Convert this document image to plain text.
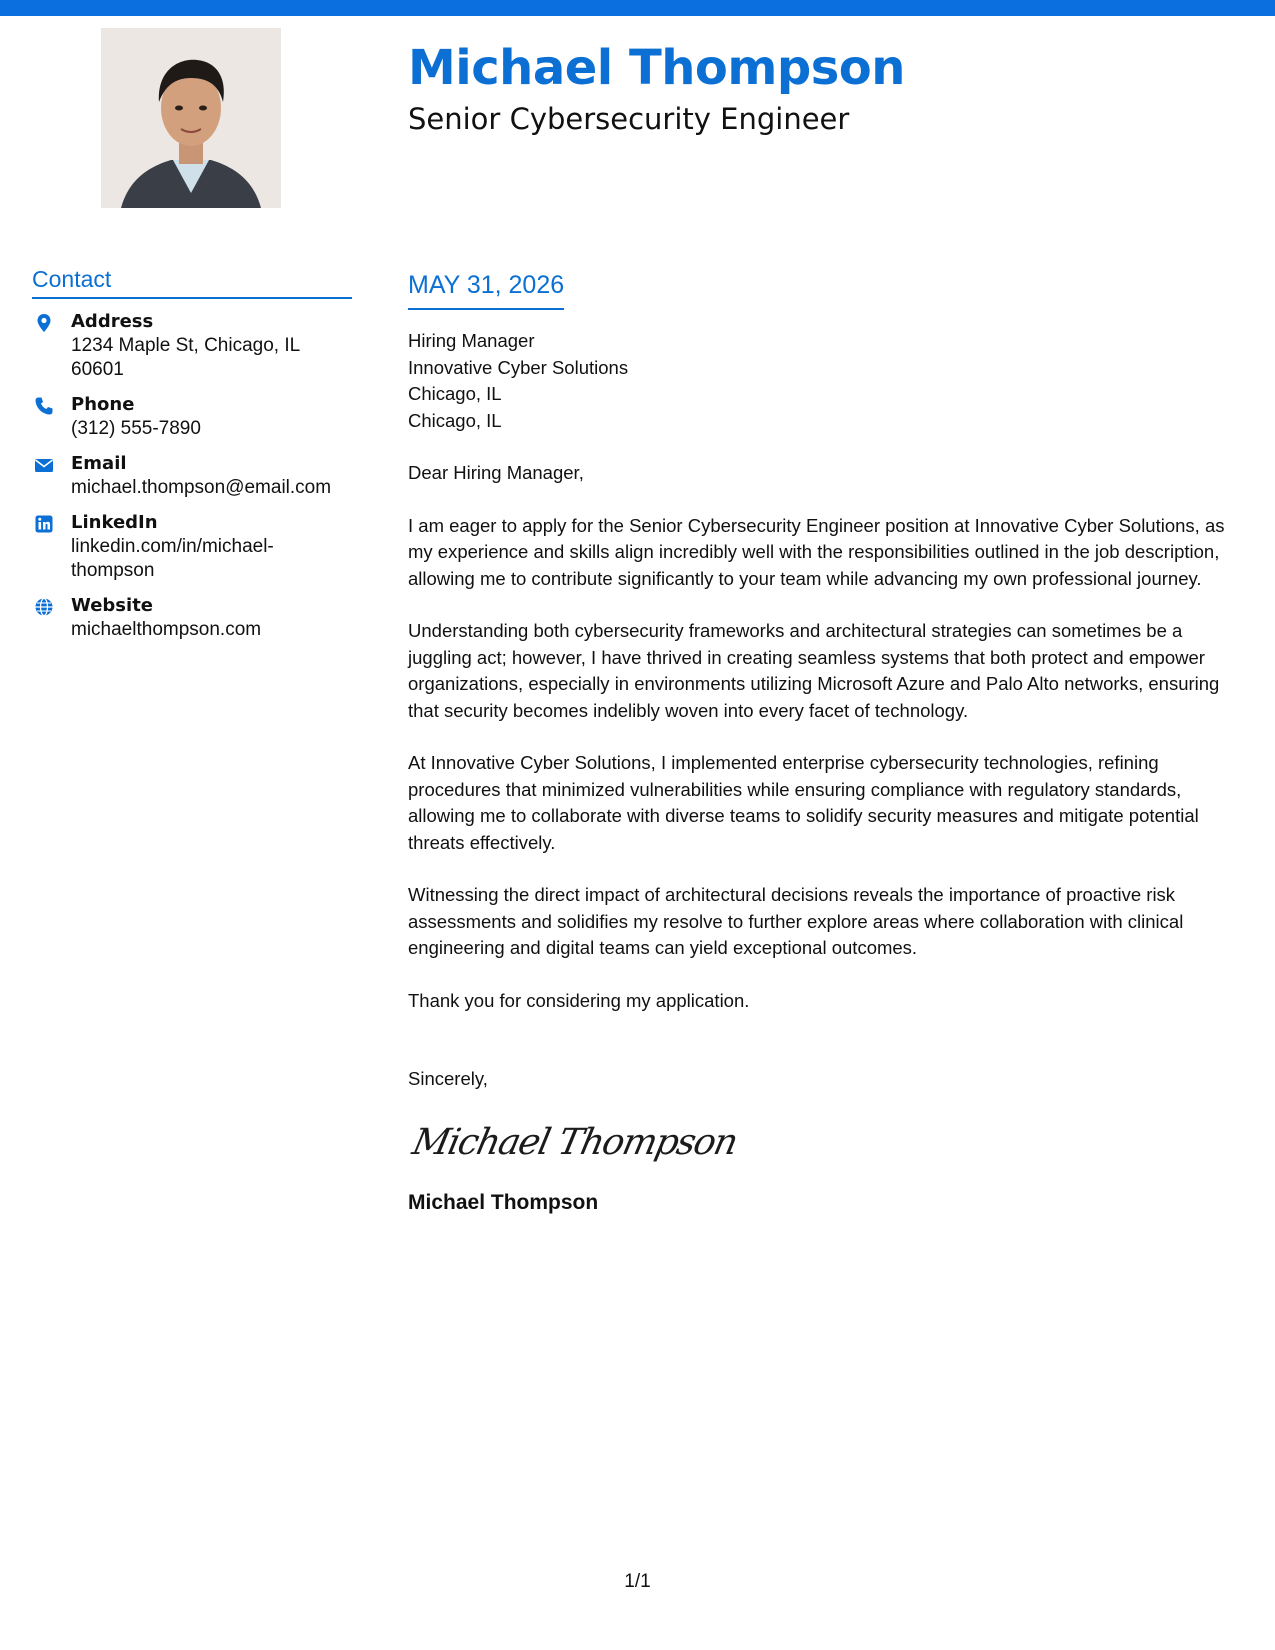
Michael Thompson
Senior Cybersecurity Engineer
Contact
Address
1234 Maple St, Chicago, IL 60601
Phone
(312) 555-7890
Email
michael.thompson@email.com
LinkedIn
linkedin.com/in/michael-thompson
Website
michaelthompson.com
MAY 31, 2026
Hiring Manager
Innovative Cyber Solutions
Chicago, IL
Chicago, IL
Dear Hiring Manager,
I am eager to apply for the Senior Cybersecurity Engineer position at Innovative Cyber Solutions, as my experience and skills align incredibly well with the responsibilities outlined in the job description, allowing me to contribute significantly to your team while advancing my own professional journey.
Understanding both cybersecurity frameworks and architectural strategies can sometimes be a juggling act; however, I have thrived in creating seamless systems that both protect and empower organizations, especially in environments utilizing Microsoft Azure and Palo Alto networks, ensuring that security becomes indelibly woven into every facet of technology.
At Innovative Cyber Solutions, I implemented enterprise cybersecurity technologies, refining procedures that minimized vulnerabilities while ensuring compliance with regulatory standards, allowing me to collaborate with diverse teams to solidify security measures and mitigate potential threats effectively.
Witnessing the direct impact of architectural decisions reveals the importance of proactive risk assessments and solidifies my resolve to further explore areas where collaboration with clinical engineering and digital teams can yield exceptional outcomes.
Thank you for considering my application.
Sincerely,
Michael Thompson
Michael Thompson
1/1
